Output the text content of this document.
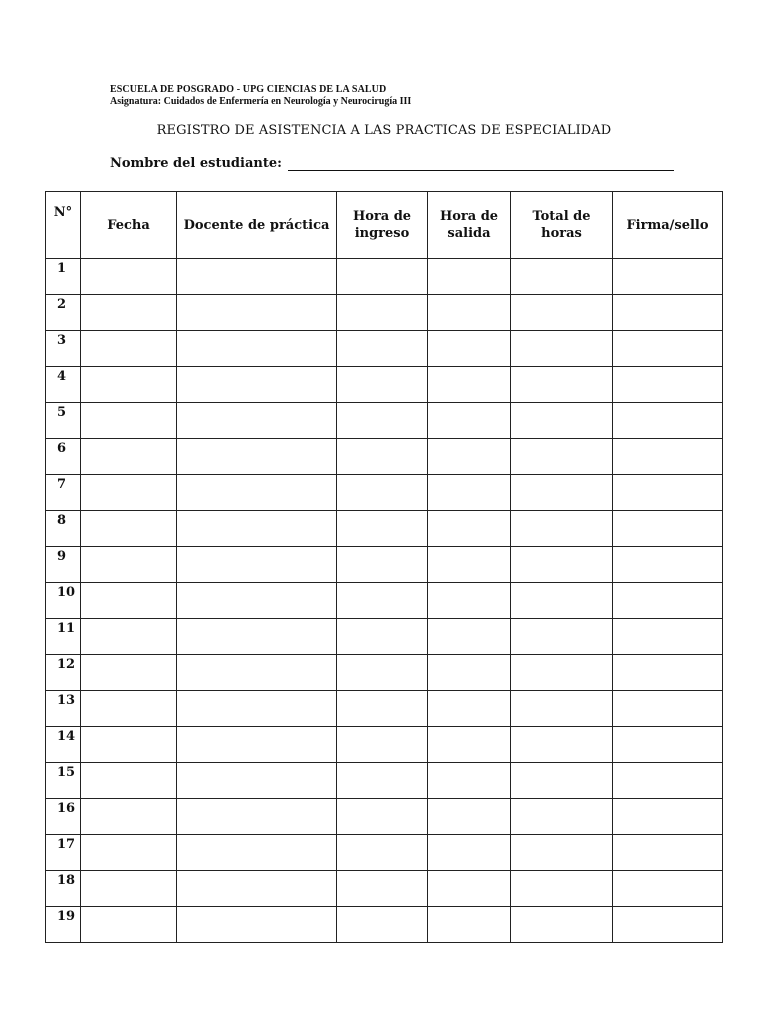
ESCUELA DE POSGRADO - UPG CIENCIAS DE LA SALUD
Asignatura: Cuidados de Enfermería en Neurología y Neurocirugía III
REGISTRO DE ASISTENCIA A LAS PRACTICAS DE ESPECIALIDAD
Nombre del estudiante:
N°	Fecha	Docente de práctica	Hora de ingreso	Hora de salida	Total de horas	Firma/sello
1						
2						
3						
4						
5						
6						
7						
8						
9						
10						
11						
12						
13						
14						
15						
16						
17						
18						
19						
